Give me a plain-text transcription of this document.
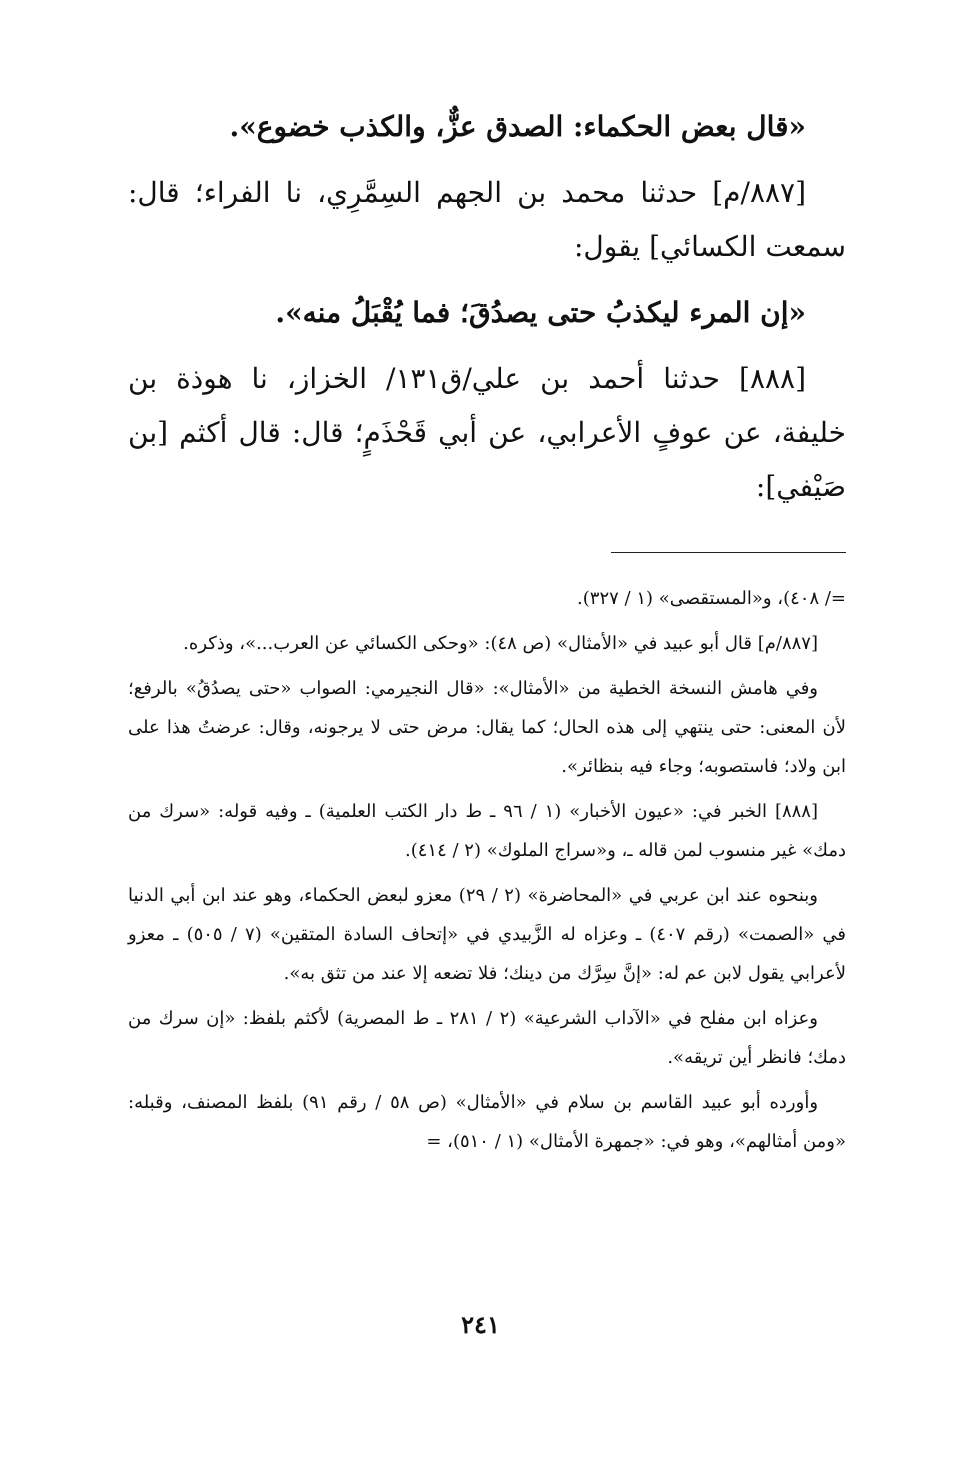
«قال بعض الحكماء: الصدق عزٌّ، والكذب خضوع».

[٨٨٧/م] حدثنا محمد بن الجهم السِمَّرِي، نا الفراء؛ قال: سمعت الكسائي] يقول:

«إن المرء ليكذبُ حتى يصدُقَ؛ فما يُقْبَلُ منه».

[٨٨٨] حدثنا أحمد بن علي/ق١٣١/ الخزاز، نا هوذة بن خليفة، عن عوفٍ الأعرابي، عن أبي قَحْذَمٍ؛ قال: قال أكثم [بن صَيْفي]:

=/ ٤٠٨)، و«المستقصى» (١ / ٣٢٧).

[٨٨٧/م] قال أبو عبيد في «الأمثال» (ص ٤٨): «وحكى الكسائي عن العرب...»، وذكره.

وفي هامش النسخة الخطية من «الأمثال»: «قال النجيرمي: الصواب «حتى يصدُقُ» بالرفع؛ لأن المعنى: حتى ينتهي إلى هذه الحال؛ كما يقال: مرض حتى لا يرجونه، وقال: عرضتُ هذا على ابن ولاد؛ فاستصوبه؛ وجاء فيه بنظائر».

[٨٨٨] الخبر في: «عيون الأخبار» (١ / ٩٦ ـ ط دار الكتب العلمية) ـ وفيه قوله: «سرك من دمك» غير منسوب لمن قاله ـ، و«سراج الملوك» (٢ / ٤١٤).

وبنحوه عند ابن عربي في «المحاضرة» (٢ / ٢٩) معزو لبعض الحكماء، وهو عند ابن أبي الدنيا في «الصمت» (رقم ٤٠٧) ـ وعزاه له الزَّبيدي في «إتحاف السادة المتقين» (٧ / ٥٠٥) ـ معزو لأعرابي يقول لابن عم له: «إنَّ سِرَّك من دينك؛ فلا تضعه إلا عند من تثق به».

وعزاه ابن مفلح في «الآداب الشرعية» (٢ / ٢٨١ ـ ط المصرية) لأكثم بلفظ: «إن سرك من دمك؛ فانظر أين تريقه».

وأورده أبو عبيد القاسم بن سلام في «الأمثال» (ص ٥٨ / رقم ٩١) بلفظ المصنف، وقبله: «ومن أمثالهم»، وهو في: «جمهرة الأمثال» (١ / ٥١٠)، =

٢٤١
